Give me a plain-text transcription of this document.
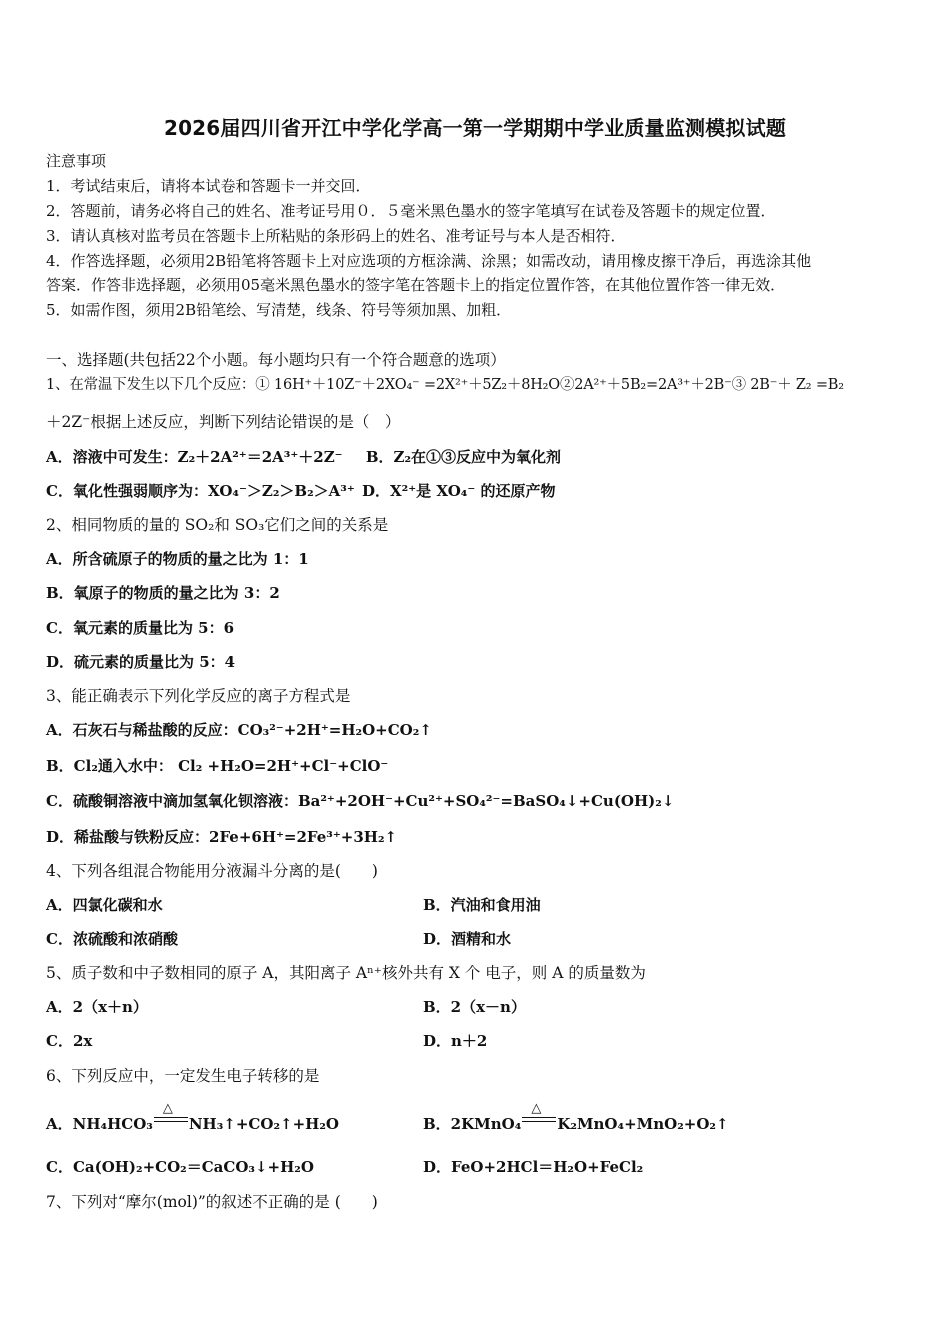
2026届四川省开江中学化学高一第一学期期中学业质量监测模拟试题
注意事项
1．考试结束后，请将本试卷和答题卡一并交回．
2．答题前，请务必将自己的姓名、准考证号用０．５毫米黑色墨水的签字笔填写在试卷及答题卡的规定位置．
3．请认真核对监考员在答题卡上所粘贴的条形码上的姓名、准考证号与本人是否相符．
4．作答选择题，必须用2B铅笔将答题卡上对应选项的方框涂满、涂黑；如需改动，请用橡皮擦干净后，再选涂其他
答案．作答非选择题，必须用05毫米黑色墨水的签字笔在答题卡上的指定位置作答，在其他位置作答一律无效．
5．如需作图，须用2B铅笔绘、写清楚，线条、符号等须加黑、加粗．
一、选择题(共包括22个小题。每小题均只有一个符合题意的选项）
1、在常温下发生以下几个反应：① 16H⁺＋10Z⁻＋2XO₄⁻ =2X²⁺＋5Z₂＋8H₂O②2A²⁺＋5B₂=2A³⁺＋2B⁻③ 2B⁻＋ Z₂ =B₂
＋2Z⁻根据上述反应，判断下列结论错误的是（　）
A．溶液中可发生：Z₂＋2A²⁺＝2A³⁺＋2Z⁻ B．Z₂在①③反应中为氧化剂
C．氧化性强弱顺序为：XO₄⁻＞Z₂＞B₂＞A³⁺ D．X²⁺是 XO₄⁻ 的还原产物
2、相同物质的量的 SO₂和 SO₃它们之间的关系是
A．所含硫原子的物质的量之比为 1：1
B．氧原子的物质的量之比为 3：2
C．氧元素的质量比为 5：6
D．硫元素的质量比为 5：4
3、能正确表示下列化学反应的离子方程式是
A．石灰石与稀盐酸的反应：CO₃²⁻+2H⁺=H₂O+CO₂↑
B．Cl₂通入水中： Cl₂ +H₂O=2H⁺+Cl⁻+ClO⁻
C．硫酸铜溶液中滴加氢氧化钡溶液：Ba²⁺+2OH⁻+Cu²⁺+SO₄²⁻=BaSO₄↓+Cu(OH)₂↓
D．稀盐酸与铁粉反应：2Fe+6H⁺=2Fe³⁺+3H₂↑
4、下列各组混合物能用分液漏斗分离的是(　　)
A．四氯化碳和水	B．汽油和食用油
C．浓硫酸和浓硝酸	D．酒精和水
5、质子数和中子数相同的原子 A，其阳离子 Aⁿ⁺核外共有 X 个 电子，则 A 的质量数为
A．2（x＋n）	B．2（x－n）
C．2x	D．n＋2
6、下列反应中，一定发生电子转移的是
A．NH₄HCO₃
△
NH₃↑+CO₂↑+H₂O	B．2KMnO₄
△
K₂MnO₄+MnO₂+O₂↑
C．Ca(OH)₂+CO₂＝CaCO₃↓+H₂O	D．FeO+2HCl＝H₂O+FeCl₂
7、下列对“摩尔(mol)”的叙述不正确的是 (　　)
